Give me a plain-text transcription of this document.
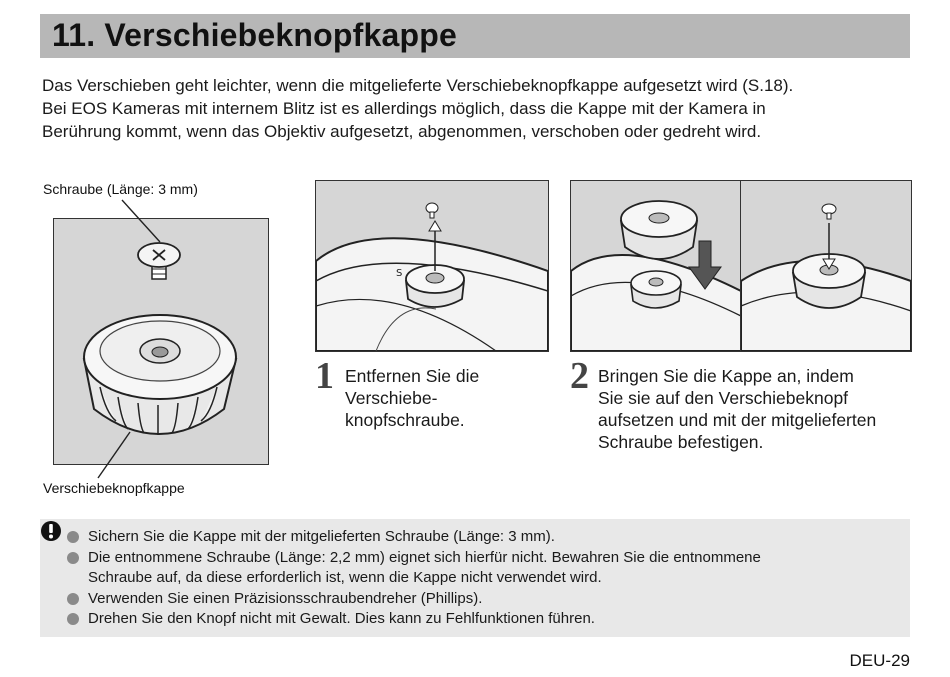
11. Verschiebeknopfkappe

Das Verschieben geht leichter, wenn die mitgelieferte Verschiebeknopfkappe aufgesetzt wird (S.18).

Bei EOS Kameras mit internem Blitz ist es allerdings möglich, dass die Kappe mit der Kamera in

Berührung kommt, wenn das Objektiv aufgesetzt, abgenommen, verschoben oder gedreht wird.

Schraube (Länge: 3 mm)
Verschiebeknopfkappe
S
1 Entfernen Sie die
Verschiebe-
knopfschraube.
2 Bringen Sie die Kappe an, indem
Sie sie auf den Verschiebeknopf
aufsetzen und mit der mitgelieferten
Schraube befestigen.
Sichern Sie die Kappe mit der mitgelieferten Schraube (Länge: 3 mm).
Die entnommene Schraube (Länge: 2,2 mm) eignet sich hierfür nicht. Bewahren Sie die entnommene
Schraube auf, da diese erforderlich ist, wenn die Kappe nicht verwendet wird.
Verwenden Sie einen Präzisionsschraubendreher (Phillips).
Drehen Sie den Knopf nicht mit Gewalt. Dies kann zu Fehlfunktionen führen.
DEU-29
